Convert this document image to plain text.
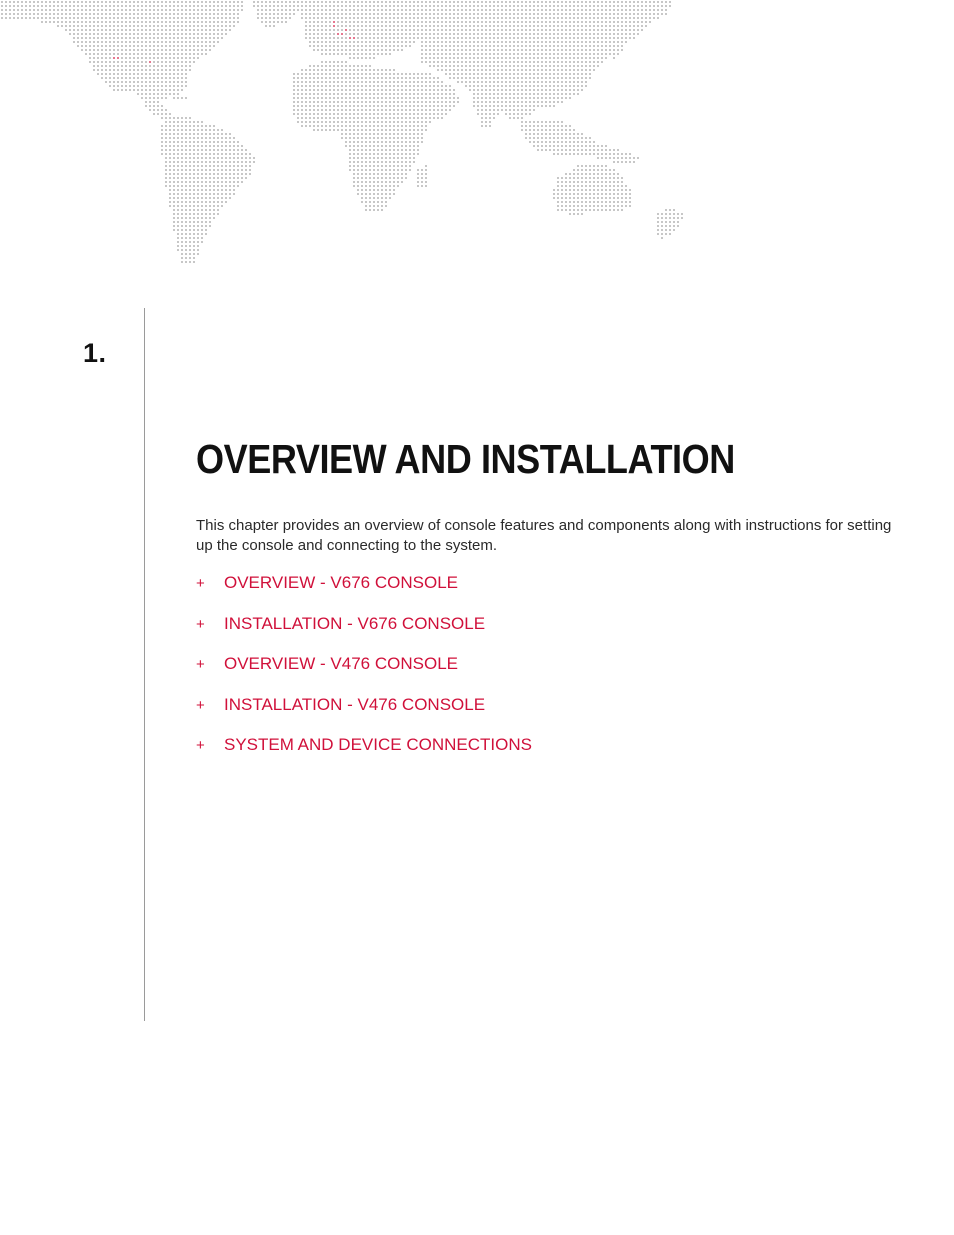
1.
OVERVIEW AND INSTALLATION

This chapter provides an overview of console features and components along with instructions for setting up the console and connecting to the system.

+	OVERVIEW - V676 CONSOLE
+	INSTALLATION - V676 CONSOLE
+	OVERVIEW - V476 CONSOLE
+	INSTALLATION - V476 CONSOLE
+	SYSTEM AND DEVICE CONNECTIONS
